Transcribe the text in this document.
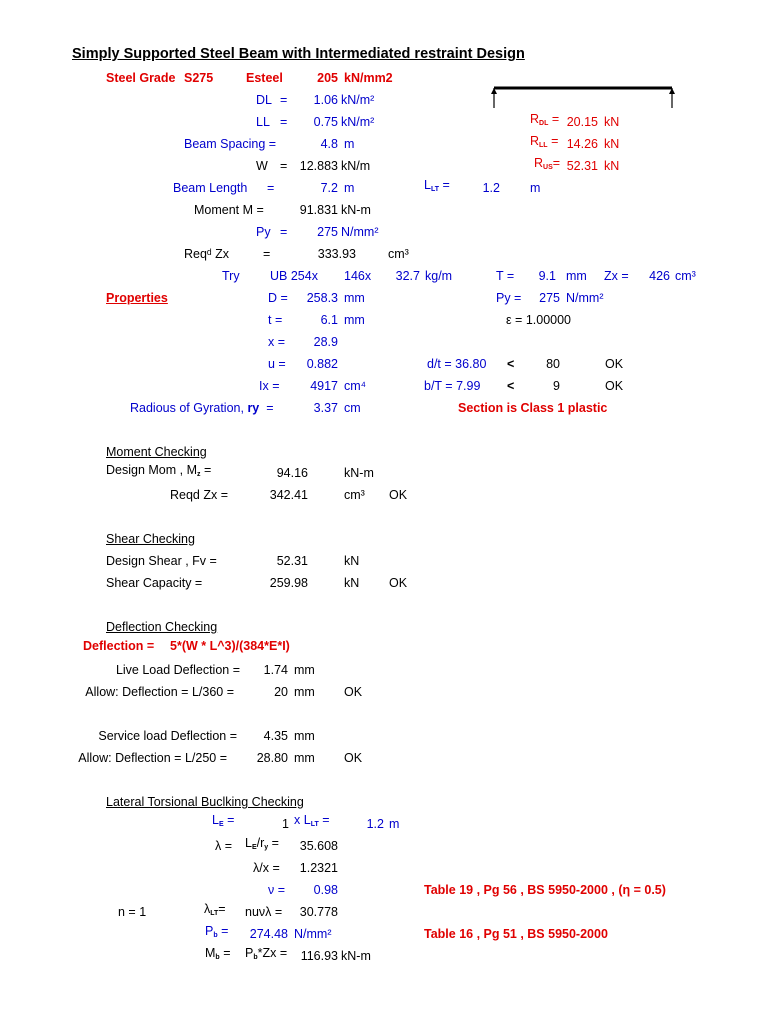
Simply Supported Steel Beam with Intermediated restraint Design
Steel Grade S275	Esteel	205 kN/mm2
DL =	1.06 kN/m²
LL =	0.75 kN/m²	$R_{DL} = 20.15$ kN
$R_{LL} = 14.26$ kN
$R_{US}= 52.31$ kN
Beam Spacing =	4.8 m
W = 12.883 kN/m
Beam Length =	7.2 m	$L_{LT}$ =	1.2 m
Moment M =	91.831 kN-m
Py =	275 N/mm²
Reqᵈ Zx	=	333.93	cm³
Try UB 254x 146x	32.7 kg/m	T =	9.1 mm Zx =	426 cm³
Properties	D =	258.3 mm	Py =	275 N/mm²
t =	6.1 mm	ε = 1.00000
x =	28.9
u =	0.882	d/t = 36.80 <	80	OK
Ix =	4917 cm⁴	b/T = 7.99 <	9	OK
Radious of Gyration, ry =	3.37 cm	Section is Class 1 plastic
Moment Checking
Design Mom , $M_z$ =	94.16	kN-m
Reqd Zx =	342.41	cm³ OK
Shear Checking
Design Shear , Fv =	52.31	kN
Shear Capacity =	259.98	kN OK
Deflection Checking
Deflection = 5*(W * L^3)/(384*E*I)
Live Load Deflection =	1.74 mm
Allow: Deflection = L/360 =	20 mm OK
Service load Deflection =	4.35 mm
Allow: Deflection = L/250 =	28.80 mm OK
Lateral Torsional Buclking Checking
$L_E$ =	1 x $L_{LT}$ =	1.2 m
$\lambda = L_E/r_y$ =	35.608
λ/x =	1.2321
ν =	0.98	Table 19 , Pg 56 , BS 5950-2000 , (η = 0.5)
n = 1	$\lambda_{LT}= nu\nu\lambda$ =	30.778
$P_b$ =	274.48 N/mm²	Table 16 , Pg 51 , BS 5950-2000
$M_b = P_b*Zx$ =	116.93 kN-m
